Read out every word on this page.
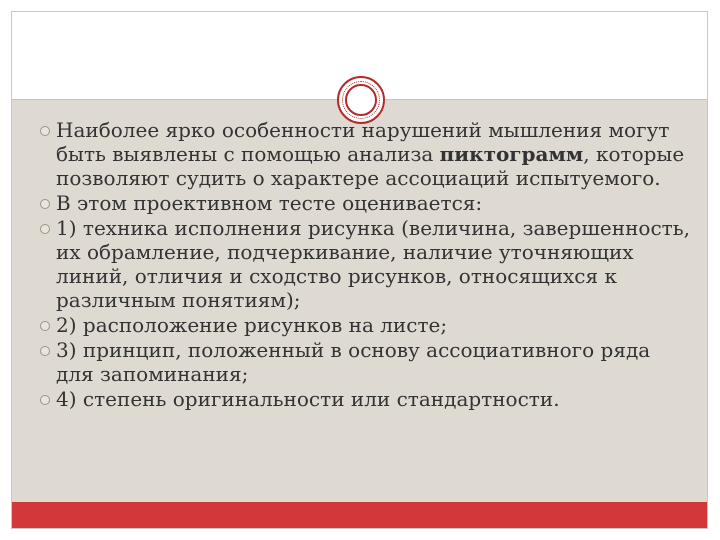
Наиболее ярко особенности нарушений мышления могут быть выявлены с помощью анализа пиктограмм, которые позволяют судить о характере ассоциаций испытуемого.
В этом проективном тесте оценивается:
1) техника исполнения рисунка (величина, завершенность, их обрамление, подчеркивание, наличие уточняющих линий, отличия и сходство рисунков, относящихся к различным понятиям);
2) расположение рисунков на листе;
3) принцип, положенный в основу ассоциативного ряда для запоминания;
4) степень оригинальности или стандартности.
